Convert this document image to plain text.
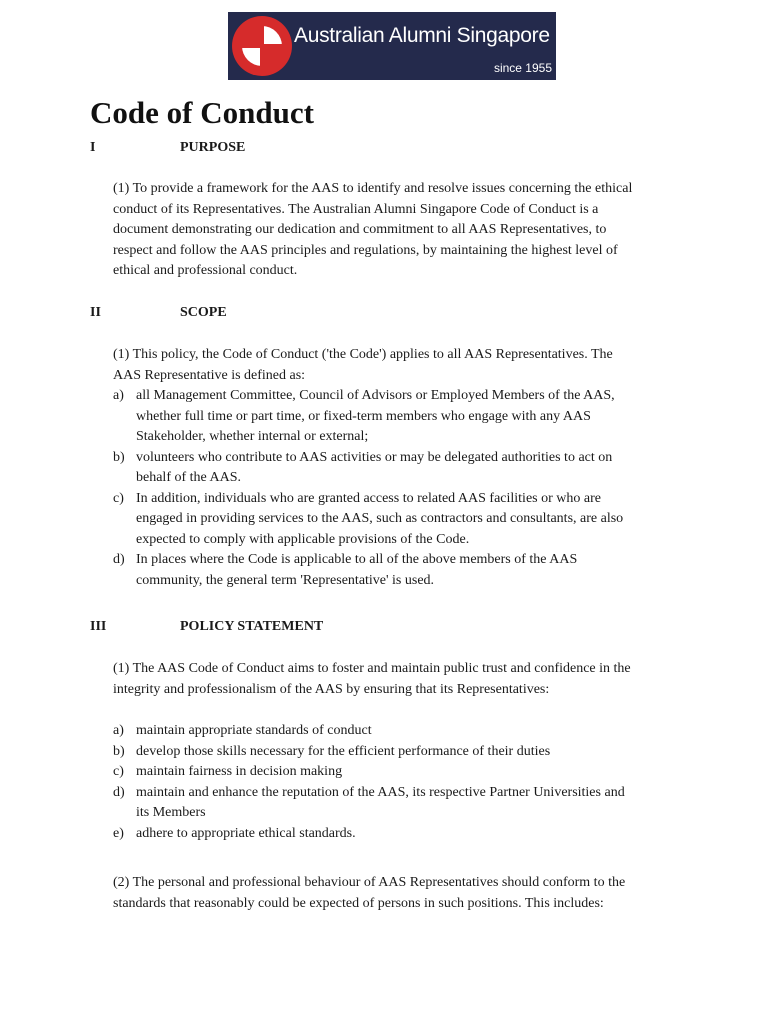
Australian Alumni Singapore
since 1955
Code of Conduct
I	PURPOSE

(1) To provide a framework for the AAS to identify and resolve issues concerning the ethical conduct of its Representatives. The Australian Alumni Singapore Code of Conduct is a document demonstrating our dedication and commitment to all AAS Representatives, to respect and follow the AAS principles and regulations, by maintaining the highest level of ethical and professional conduct.

II	SCOPE

(1) This policy, the Code of Conduct ('the Code') applies to all AAS Representatives. The AAS Representative is defined as:

a) all Management Committee, Council of Advisors or Employed Members of the AAS, whether full time or part time, or fixed-term members who engage with any AAS Stakeholder, whether internal or external;
b) volunteers who contribute to AAS activities or may be delegated authorities to act on behalf of the AAS.
c) In addition, individuals who are granted access to related AAS facilities or who are engaged in providing services to the AAS, such as contractors and consultants, are also expected to comply with applicable provisions of the Code.
d) In places where the Code is applicable to all of the above members of the AAS community, the general term 'Representative' is used.
III	POLICY STATEMENT

(1) The AAS Code of Conduct aims to foster and maintain public trust and confidence in the integrity and professionalism of the AAS by ensuring that its Representatives:

a) maintain appropriate standards of conduct
b) develop those skills necessary for the efficient performance of their duties
c) maintain fairness in decision making
d) maintain and enhance the reputation of the AAS, its respective Partner Universities and its Members
e) adhere to appropriate ethical standards.

(2) The personal and professional behaviour of AAS Representatives should conform to the standards that reasonably could be expected of persons in such positions. This includes:
